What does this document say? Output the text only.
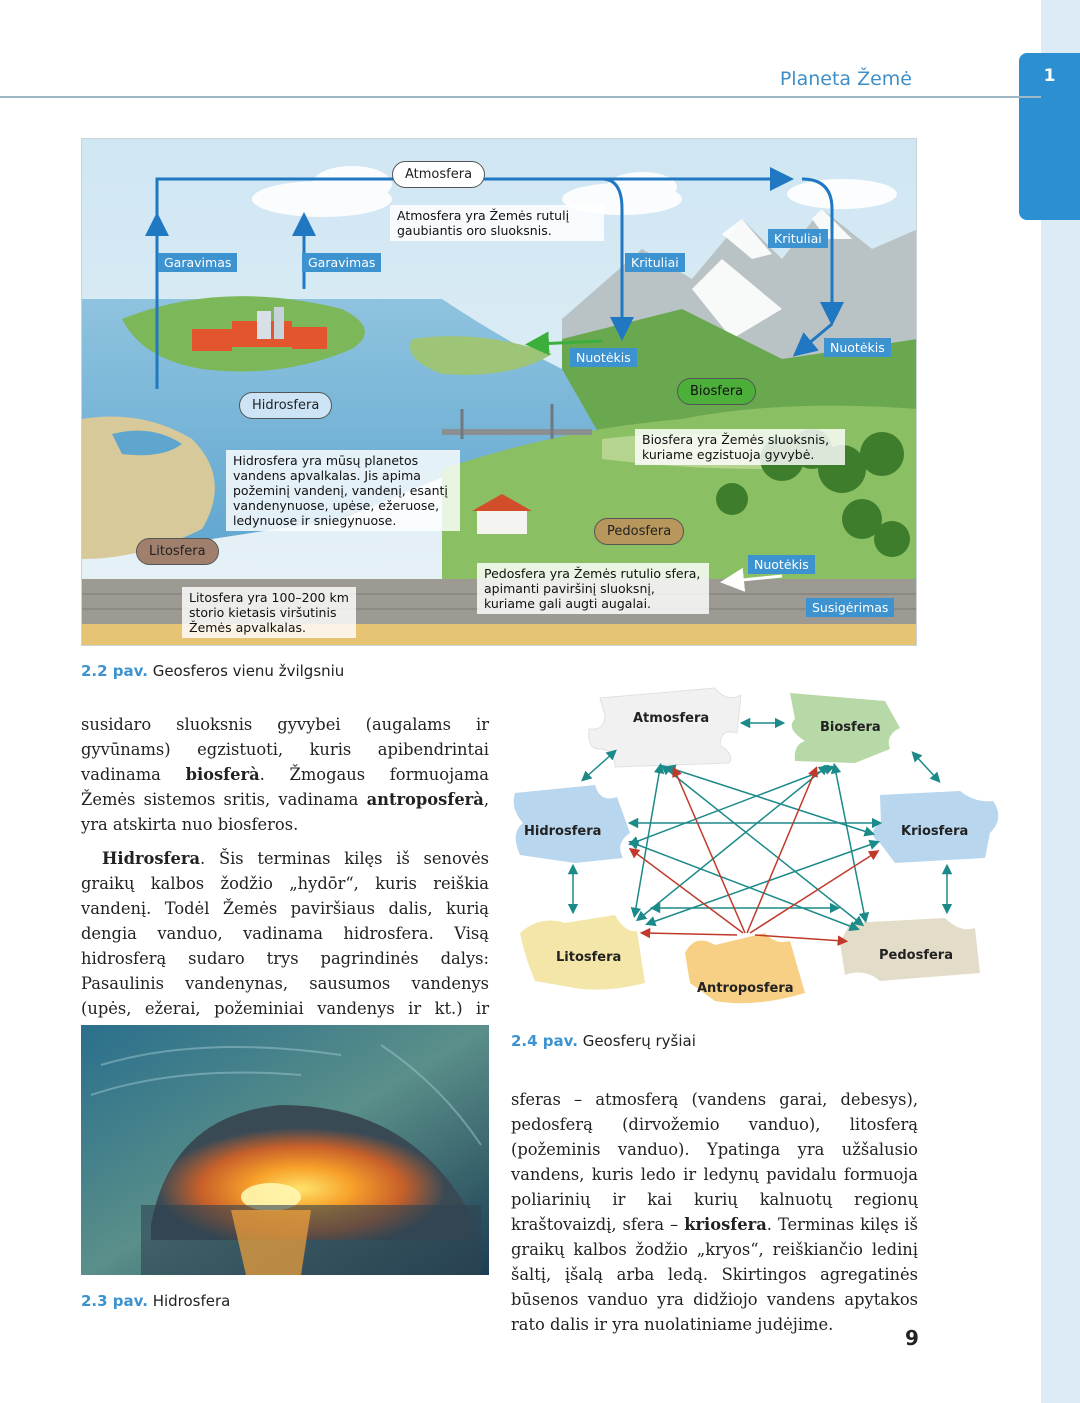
1
Planeta Žemė
Atmosfera
Hidrosfera
Biosfera
Pedosfera
Litosfera
Garavimas	Garavimas	Krituliai
Krituliai
Nuotėkis
Nuotėkis
Nuotėkis
Susigėrimas
Atmosfera yra Žemės rutulį gaubiantis oro sluoksnis.
Hidrosfera yra mūsų planetos vandens apvalkalas. Jis apima požeminį vandenį, vandenį, esantį vandenynuose, upėse, ežeruose, ledynuose ir sniegynuose.
Biosfera yra Žemės sluoksnis, kuriame egzistuoja gyvybė.
Pedosfera yra Žemės rutulio sfera, apimanti paviršinį sluoksnį, kuriame gali augti augalai.
Litosfera yra 100–200 km storio kietasis viršutinis Žemės apvalkalas.
2.2 pav. Geosferos vienu žvilgsniu

susidaro sluoksnis gyvybei (augalams ir gyvūnams) egzistuoti, kuris apibendrintai vadinama biosferà. Žmogaus formuojama Žemės sistemos sritis, vadinama antroposferà, yra atskirta nuo biosferos.

Hidrosfera. Šis terminas kilęs iš senovės graikų kalbos žodžio „hydōr“, kuris reiškia vandenį. Todėl Žemės paviršiaus dalis, kurią dengia vanduo, vadinama hidrosfera. Visą hidrosferą sudaro trys pagrindinės dalys: Pasaulinis vandenynas, sausumos vandenys (upės, ežerai, požeminiai vandenys ir kt.) ir

Atmosfera
Biosfera
Hidrosfera	Kriosfera
Litosfera	Pedosfera
Antroposfera
2.4 pav. Geosferų ryšiai
2.3 pav. Hidrosfera

sferas – atmosferą (vandens garai, debesys), pedosferą (dirvožemio vanduo), litosferą (požeminis vanduo). Ypatinga yra užšalusio vandens, kuris ledo ir ledynų pavidalu formuoja poliarinių ir kai kurių kalnuotų regionų kraštovaizdį, sfera – kriosfera. Terminas kilęs iš graikų kalbos žodžio „kryos“, reiškiančio ledinį šaltį, įšalą arba ledą. Skirtingos agregatinės būsenos vanduo yra didžiojo vandens apytakos rato dalis ir yra nuolatiniame judėjime.

9
